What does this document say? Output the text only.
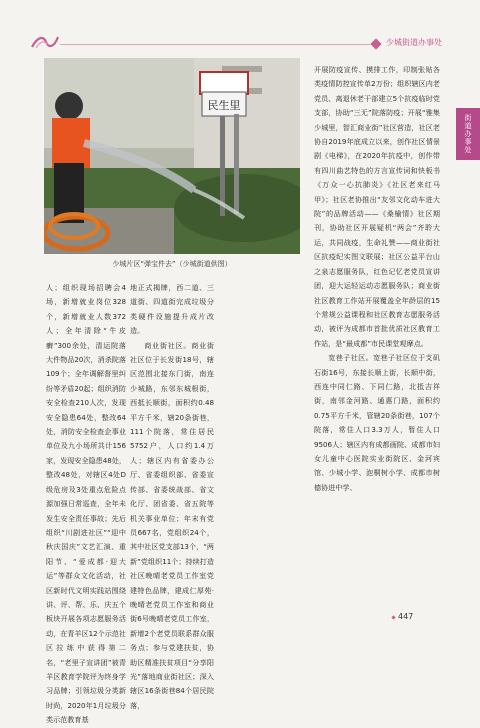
少城街道办事处
街道办事处
民生里
少城片区“弹宝件去”（少城街道供图）

人；组织现场招聘会4场，新增就业岗位328个，新增就业人数372人；全年清除“牛皮癣”300余处，清运院落大件物品20次，消杀院落109个；全年调解督里纠纷等矛盾20起；组织消防安全检查210人次，发现安全隐患64处，整改64处，消防安全检查企事业单位及九小场所共计156家，发现安全隐患48处，整改48处，对辖区4处D级危房及3处重点危险点源加强日常巡查，全年未发生安全责任事故；先后组织“川剧进社区”“迎中秋庆国庆”文艺汇演、重阳节、“爱成都·迎大运”等群众文化活动，社区新时代文明实践站围绕讲、评、帮、乐、庆五个板块开展各项志愿服务活动，在青羊区12个示范社区拉练中获得第二名，“老里子宣讲团”被青羊区教育学院评为终身学习品牌；引领垃圾分类新时尚，2020年1月垃圾分类示范教育基

地正式揭牌，西二道、三道街、四道街完成垃圾分类硬件设施提升成片改造。

商业街社区。商业街社区位于长发街18号，辖区范围北接东门街，南连少城路，东邻东城根街，西抵长顺街，面积约0.48平方千米，辖20条街巷，111个院落，常住居民5752户，人口约1.4万人；辖区内有省委办公厅、省委组织部、省委宣传部、省委统战部、省文化厅、团省委、省五院等机关事业单位；年末有党员667名，党组织24个，其中社区党支部13个，“两新”党组织11个；持续打造社区晚晴老党员工作室党建特色品牌，建成仁厚苑·晚晴老党员工作室和商业街6号晚晴老党员工作室，新增2个老党员联系群众服务点；参与党建扶贫，协助区精准扶贫项目“分享阳光”落地商业街社区；深入辖区16条街巷84个居民院落，

开展防疫宣传、摸排工作，印制张贴各类疫情防控宣传单2万份；组织辖区内老党员、离退休老干部建立5个抗疫临时党支部，协助“三无”院落防疫；开展“雅集少城里，智汇商业街”社区营造，社区老协自2019年底成立以来，创作社区情景剧《电梯》，在2020年抗疫中，创作带有四川曲艺特色的方言宣传词和快板书《万众一心抗肺炎》《社区老来红马甲》；社区老协推出“友邻文化动车进大院”的品牌活动——《桑榆情》社区期刊，协助社区开展疑机“两会”齐聆大运，共同战疫，生命礼赞——商业街社区抗疫纪实图文联展；社区公益平台山之泉志愿服务队，红色记忆老党员宣讲团，迎大运轻运动志愿服务队；商业街社区教育工作站开展覆盖全年龄层的15个常规公益课程和社区教育志愿服务活动，被评为成都市首批优质社区教育工作站，是“最成都”市民课堂观摩点。

宽巷子社区。宽巷子社区位于支矶石街16号，东接长顺上街，长顺中街，西连中同仁路、下同仁路，北抵吉祥街，南邻金河路、通惠门路，面积约0.75平方千米，管辖20条街巷，107个院落，常住人口3.3万人，暂住人口9506人；辖区内有成都画院、成都市妇女儿童中心医院实业街院区、金河宾馆、少城小学、泡桐树小学、成都市树德协进中学、

447
